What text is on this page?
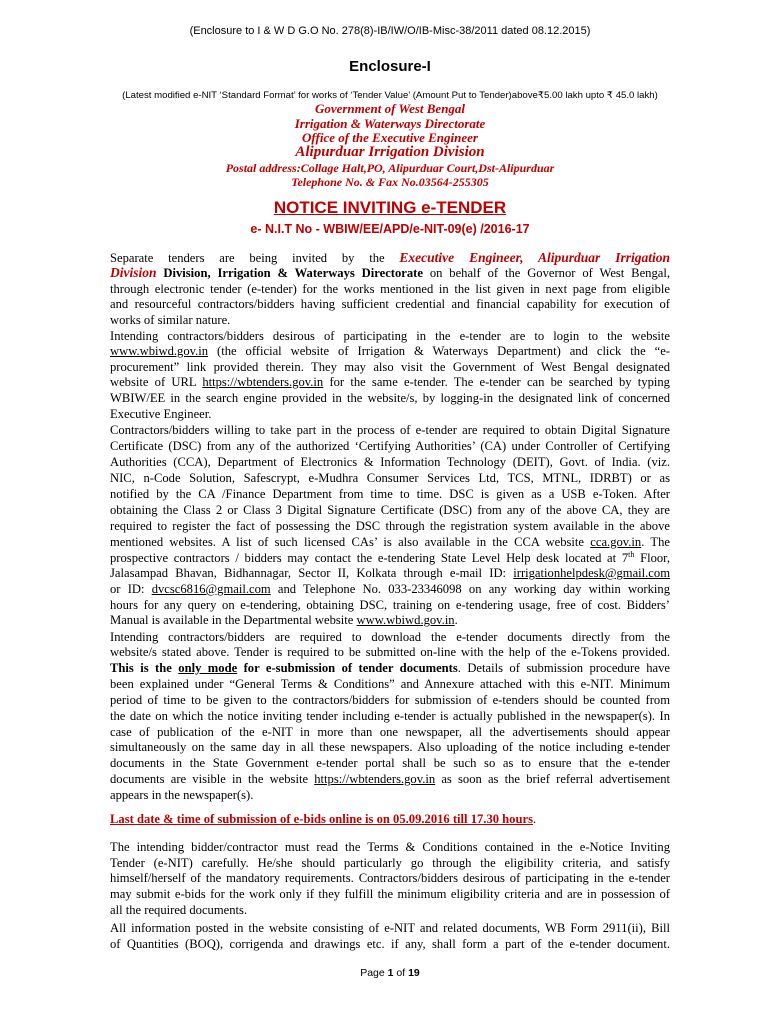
(Enclosure to I & W D G.O No. 278(8)-IB/IW/O/IB-Misc-38/2011 dated 08.12.2015)
Enclosure-I
(Latest modified e-NIT ‘Standard Format’ for works of ‘Tender Value’ (Amount Put to Tender)above₹5.00 lakh upto ₹ 45.0 lakh)
Government of West Bengal
Irrigation & Waterways Directorate
Office of the Executive Engineer
Alipurduar Irrigation Division
Postal address:Collage Halt,PO, Alipurduar Court,Dst-Alipurduar
Telephone No. & Fax No.03564-255305
NOTICE INVITING e-TENDER
e- N.I.T No - WBIW/EE/APD/e-NIT-09(e) /2016-17
Separate tenders are being invited by the Executive Engineer, Alipurduar Irrigation
Division Division, Irrigation & Waterways Directorate on behalf of the Governor of West Bengal,
through electronic tender (e-tender) for the works mentioned in the list given in next page from eligible
and resourceful contractors/bidders having sufficient credential and financial capability for execution of
works of similar nature.
Intending contractors/bidders desirous of participating in the e-tender are to login to the website
www.wbiwd.gov.in (the official website of Irrigation & Waterways Department) and click the “e-
procurement” link provided therein. They may also visit the Government of West Bengal designated
website of URL https://wbtenders.gov.in for the same e-tender. The e-tender can be searched by typing
WBIW/EE in the search engine provided in the website/s, by logging-in the designated link of concerned
Executive Engineer.
Contractors/bidders willing to take part in the process of e-tender are required to obtain Digital Signature
Certificate (DSC) from any of the authorized ‘Certifying Authorities’ (CA) under Controller of Certifying
Authorities (CCA), Department of Electronics & Information Technology (DEIT), Govt. of India. (viz.
NIC, n-Code Solution, Safescrypt, e-Mudhra Consumer Services Ltd, TCS, MTNL, IDRBT) or as
notified by the CA /Finance Department from time to time. DSC is given as a USB e-Token. After
obtaining the Class 2 or Class 3 Digital Signature Certificate (DSC) from any of the above CA, they are
required to register the fact of possessing the DSC through the registration system available in the above
mentioned websites. A list of such licensed CAs’ is also available in the CCA website cca.gov.in. The
prospective contractors / bidders may contact the e-tendering State Level Help desk located at 7th Floor,
Jalasampad Bhavan, Bidhannagar, Sector II, Kolkata through e-mail ID: irrigationhelpdesk@gmail.com
or ID: dvcsc6816@gmail.com and Telephone No. 033-23346098 on any working day within working
hours for any query on e-tendering, obtaining DSC, training on e-tendering usage, free of cost. Bidders’
Manual is available in the Departmental website www.wbiwd.gov.in.
Intending contractors/bidders are required to download the e-tender documents directly from the
website/s stated above. Tender is required to be submitted on-line with the help of the e-Tokens provided.
This is the only mode for e-submission of tender documents. Details of submission procedure have
been explained under “General Terms & Conditions” and Annexure attached with this e-NIT. Minimum
period of time to be given to the contractors/bidders for submission of e-tenders should be counted from
the date on which the notice inviting tender including e-tender is actually published in the newspaper(s). In
case of publication of the e-NIT in more than one newspaper, all the advertisements should appear
simultaneously on the same day in all these newspapers. Also uploading of the notice including e-tender
documents in the State Government e-tender portal shall be such so as to ensure that the e-tender
documents are visible in the website https://wbtenders.gov.in as soon as the brief referral advertisement
appears in the newspaper(s).
Last date & time of submission of e-bids online is on 05.09.2016 till 17.30 hours.
The intending bidder/contractor must read the Terms & Conditions contained in the e-Notice Inviting
Tender (e-NIT) carefully. He/she should particularly go through the eligibility criteria, and satisfy
himself/herself of the mandatory requirements. Contractors/bidders desirous of participating in the e-tender
may submit e-bids for the work only if they fulfill the minimum eligibility criteria and are in possession of
all the required documents.
All information posted in the website consisting of e-NIT and related documents, WB Form 2911(ii), Bill
of Quantities (BOQ), corrigenda and drawings etc. if any, shall form a part of the e-tender document.
Page 1 of 19
